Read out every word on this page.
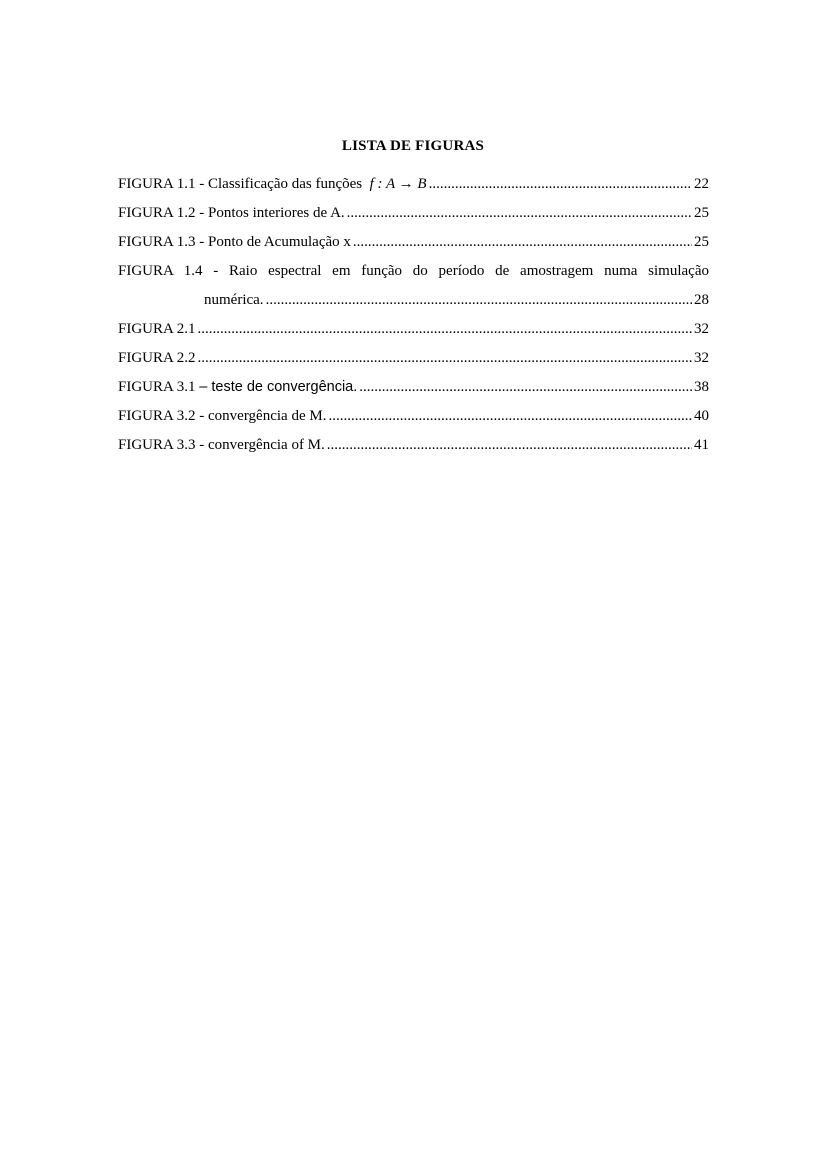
LISTA DE FIGURAS
FIGURA 1.1 - Classificação das funções f : A → B .....	22
FIGURA 1.2 - Pontos interiores de A. .....	25
FIGURA 1.3 - Ponto de Acumulação x .....	25
FIGURA 1.4 - Raio espectral em função do período de amostragem numa simulação
numérica. .....	28
FIGURA 2.1 .....	32
FIGURA 2.2 .....	32
FIGURA 3.1 – teste de convergência. .....	38
FIGURA 3.2 - convergência de M. .....	40
FIGURA 3.3 - convergência of M. .....	41
